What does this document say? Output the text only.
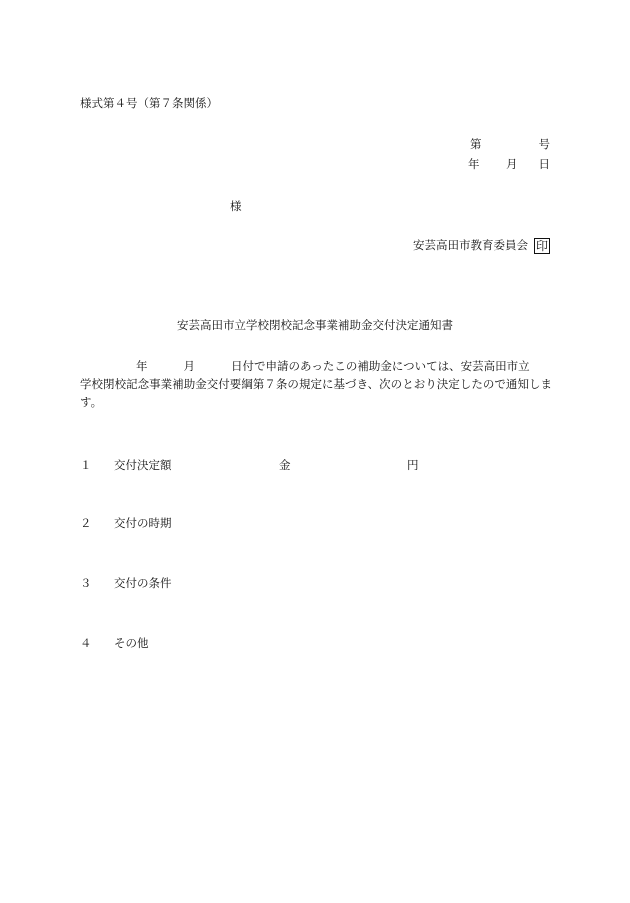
様式第４号（第７条関係）
第	号
年 月 日
様
安芸高田市教育委員会 印
安芸高田市立学校閉校記念事業補助金交付決定通知書
年	月	日付で申請のあったこの補助金については、安芸高田市立
学校閉校記念事業補助金交付要綱第７条の規定に基づき、次のとおり決定したので通知します。
１ 交付決定額	金	円
２ 交付の時期
３ 交付の条件
４ その他
